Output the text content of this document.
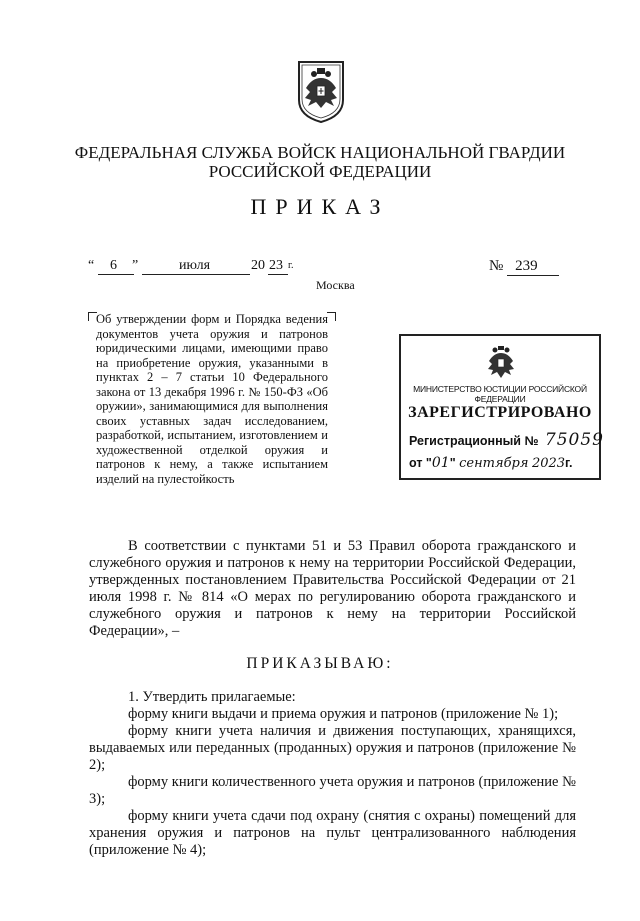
ФЕДЕРАЛЬНАЯ СЛУЖБА ВОЙСК НАЦИОНАЛЬНОЙ ГВАРДИИ
РОССИЙСКОЙ ФЕДЕРАЦИИ
ПРИКАЗ
“ 6 ”	июля	20 23 г.	№ 239
Москва
Об утверждении форм и Порядка ведения документов учета оружия и патронов юридическими лицами, имеющими право на приобретение оружия, указанными в пунктах 2 – 7 статьи 10 Федерального закона от 13 декабря 1996 г. № 150-ФЗ «Об оружии», занимающимися для выполнения своих уставных задач исследованием, разработкой, испытанием, изготовлением и художественной отделкой оружия и патронов к нему, а также испытанием изделий на пулестойкость
МИНИСТЕРСТВО ЮСТИЦИИ РОССИЙСКОЙ ФЕДЕРАЦИИ
ЗАРЕГИСТРИРОВАНО
Регистрационный № 75059
от "01" сентября 2023г.

В соответствии с пунктами 51 и 53 Правил оборота гражданского и служебного оружия и патронов к нему на территории Российской Федерации, утвержденных постановлением Правительства Российской Федерации от 21 июля 1998 г. № 814 «О мерах по регулированию оборота гражданского и служебного оружия и патронов к нему на территории Российской Федерации», –

ПРИКАЗЫВАЮ:

1. Утвердить прилагаемые:

форму книги выдачи и приема оружия и патронов (приложение № 1);

форму книги учета наличия и движения поступающих, хранящихся, выдаваемых или переданных (проданных) оружия и патронов (приложение № 2);

форму книги количественного учета оружия и патронов (приложение № 3);

форму книги учета сдачи под охрану (снятия с охраны) помещений для хранения оружия и патронов на пульт централизованного наблюдения (приложение № 4);
